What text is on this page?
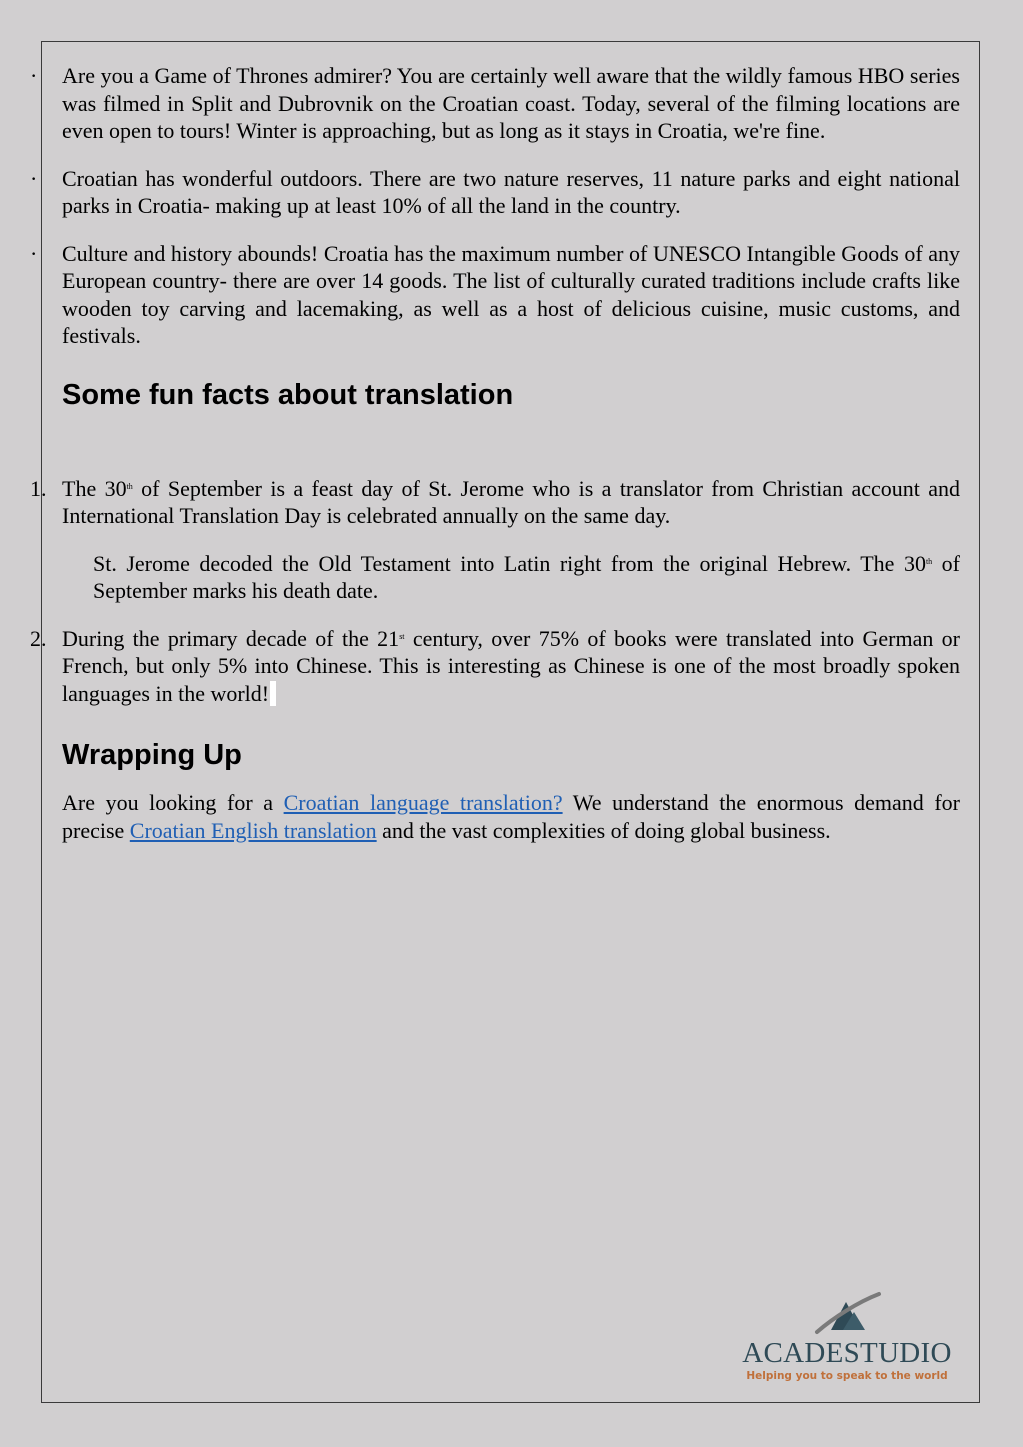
· Are you a Game of Thrones admirer? You are certainly well aware that the wildly famous HBO series was filmed in Split and Dubrovnik on the Croatian coast. Today, several of the filming locations are even open to tours! Winter is approaching, but as long as it stays in Croatia, we're fine.

· Croatian has wonderful outdoors. There are two nature reserves, 11 nature parks and eight national parks in Croatia- making up at least 10% of all the land in the country.

· Culture and history abounds! Croatia has the maximum number of UNESCO Intangible Goods of any European country- there are over 14 goods. The list of culturally curated traditions include crafts like wooden toy carving and lacemaking, as well as a host of delicious cuisine, music customs, and festivals.

Some fun facts about translation
1. The 30th of September is a feast day of St. Jerome who is a translator from Christian account and International Translation Day is celebrated annually on the same day.

St. Jerome decoded the Old Testament into Latin right from the original Hebrew. The 30th of September marks his death date.

2. During the primary decade of the 21st century, over 75% of books were translated into German or French, but only 5% into Chinese. This is interesting as Chinese is one of the most broadly spoken languages in the world!

Wrapping Up

Are you looking for a Croatian language translation? We understand the enormous demand for precise Croatian English translation and the vast complexities of doing global business.

ACADESTUDIO
Helping you to speak to the world
